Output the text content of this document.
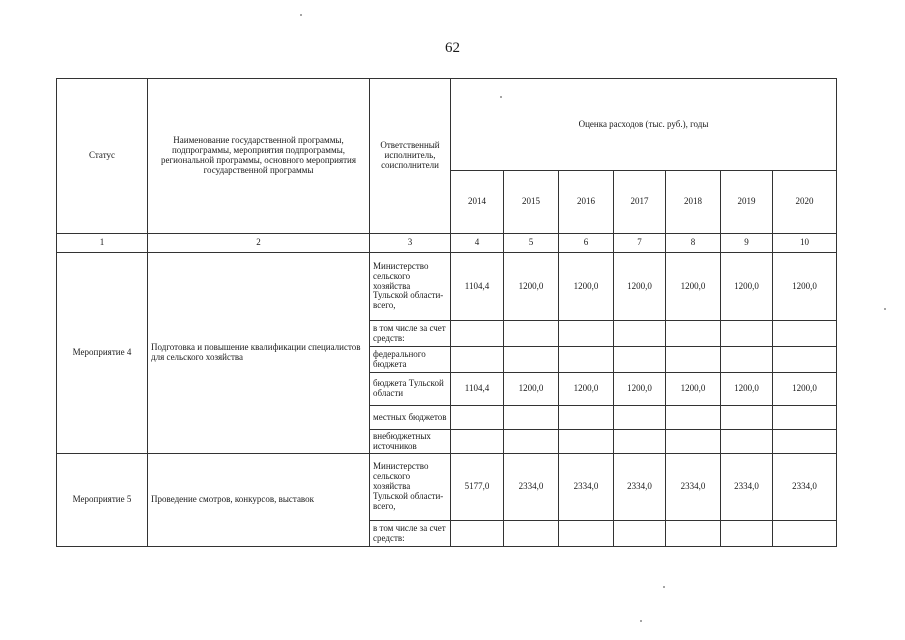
62
Статус	Наименование государственной программы, подпрограммы, мероприятия подпрограммы, региональной программы, основного мероприятия государственной программы	Ответственный исполнитель, соисполнители	Оценка расходов (тыс. руб.), годы						
			2014	2015	2016	2017	2018	2019	2020
1	2	3	4	5	6	7	8	9	10
Мероприятие 4	Подготовка и повышение квалификации специалистов для сельского хозяйства	Министерство сельского хозяйства Тульской области- всего,	1104,4	1200,0	1200,0	1200,0	1200,0	1200,0	1200,0
		в том числе за счет средств:							
		федерального бюджета							
		бюджета Тульской области	1104,4	1200,0	1200,0	1200,0	1200,0	1200,0	1200,0
		местных бюджетов							
		внебюджетных источников							
Мероприятие 5	Проведение смотров, конкурсов, выставок	Министерство сельского хозяйства Тульской области- всего,	5177,0	2334,0	2334,0	2334,0	2334,0	2334,0	2334,0
		в том числе за счет средств:							
